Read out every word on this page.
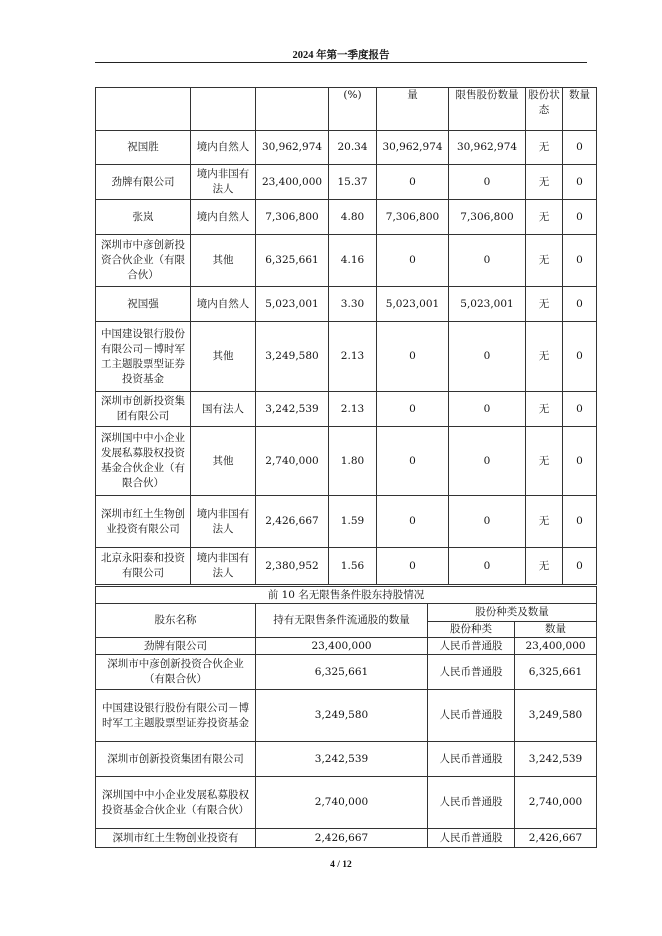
2024 年第一季度报告
			(%)	量	限售股份数量	股份状态	数量
祝国胜	境内自然人	30,962,974	20.34	30,962,974	30,962,974	无	0
劲牌有限公司	境内非国有法人	23,400,000	15.37	0	0	无	0
张岚	境内自然人	7,306,800	4.80	7,306,800	7,306,800	无	0
深圳市中彦创新投资合伙企业（有限合伙）	其他	6,325,661	4.16	0	0	无	0
祝国强	境内自然人	5,023,001	3.30	5,023,001	5,023,001	无	0
中国建设银行股份有限公司－博时军工主题股票型证券投资基金	其他	3,249,580	2.13	0	0	无	0
深圳市创新投资集团有限公司	国有法人	3,242,539	2.13	0	0	无	0
深圳国中中小企业发展私募股权投资基金合伙企业（有限合伙）	其他	2,740,000	1.80	0	0	无	0
深圳市红土生物创业投资有限公司	境内非国有法人	2,426,667	1.59	0	0	无	0
北京永阳泰和投资有限公司	境内非国有法人	2,380,952	1.56	0	0	无	0
前 10 名无限售条件股东持股情况			
股东名称	持有无限售条件流通股的数量	股份种类及数量	
		股份种类	数量
劲牌有限公司	23,400,000	人民币普通股	23,400,000
深圳市中彦创新投资合伙企业（有限合伙）	6,325,661	人民币普通股	6,325,661
中国建设银行股份有限公司－博时军工主题股票型证券投资基金	3,249,580	人民币普通股	3,249,580
深圳市创新投资集团有限公司	3,242,539	人民币普通股	3,242,539
深圳国中中小企业发展私募股权投资基金合伙企业（有限合伙）	2,740,000	人民币普通股	2,740,000
深圳市红土生物创业投资有	2,426,667	人民币普通股	2,426,667
4 / 12
